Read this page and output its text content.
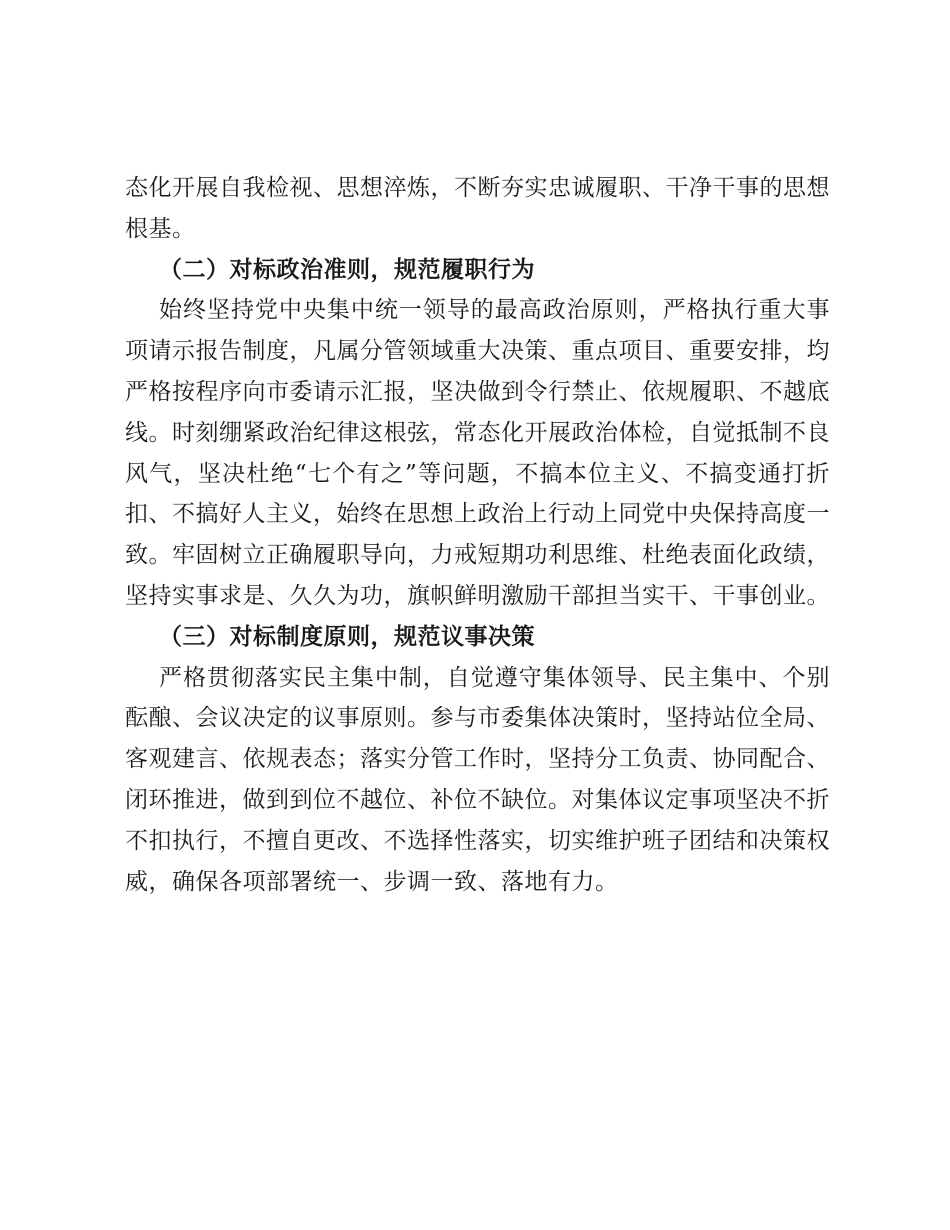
态化开展自我检视、思想淬炼，不断夯实忠诚履职、干净干事的思想根基。

（二）对标政治准则，规范履职行为

始终坚持党中央集中统一领导的最高政治原则，严格执行重大事项请示报告制度，凡属分管领域重大决策、重点项目、重要安排，均严格按程序向市委请示汇报，坚决做到令行禁止、依规履职、不越底线。时刻绷紧政治纪律这根弦，常态化开展政治体检，自觉抵制不良风气，坚决杜绝“七个有之”等问题，不搞本位主义、不搞变通打折扣、不搞好人主义，始终在思想上政治上行动上同党中央保持高度一致。牢固树立正确履职导向，力戒短期功利思维、杜绝表面化政绩，坚持实事求是、久久为功，旗帜鲜明激励干部担当实干、干事创业。

（三）对标制度原则，规范议事决策

严格贯彻落实民主集中制，自觉遵守集体领导、民主集中、个别酝酿、会议决定的议事原则。参与市委集体决策时，坚持站位全局、客观建言、依规表态；落实分管工作时，坚持分工负责、协同配合、闭环推进，做到到位不越位、补位不缺位。对集体议定事项坚决不折不扣执行，不擅自更改、不选择性落实，切实维护班子团结和决策权威，确保各项部署统一、步调一致、落地有力。
